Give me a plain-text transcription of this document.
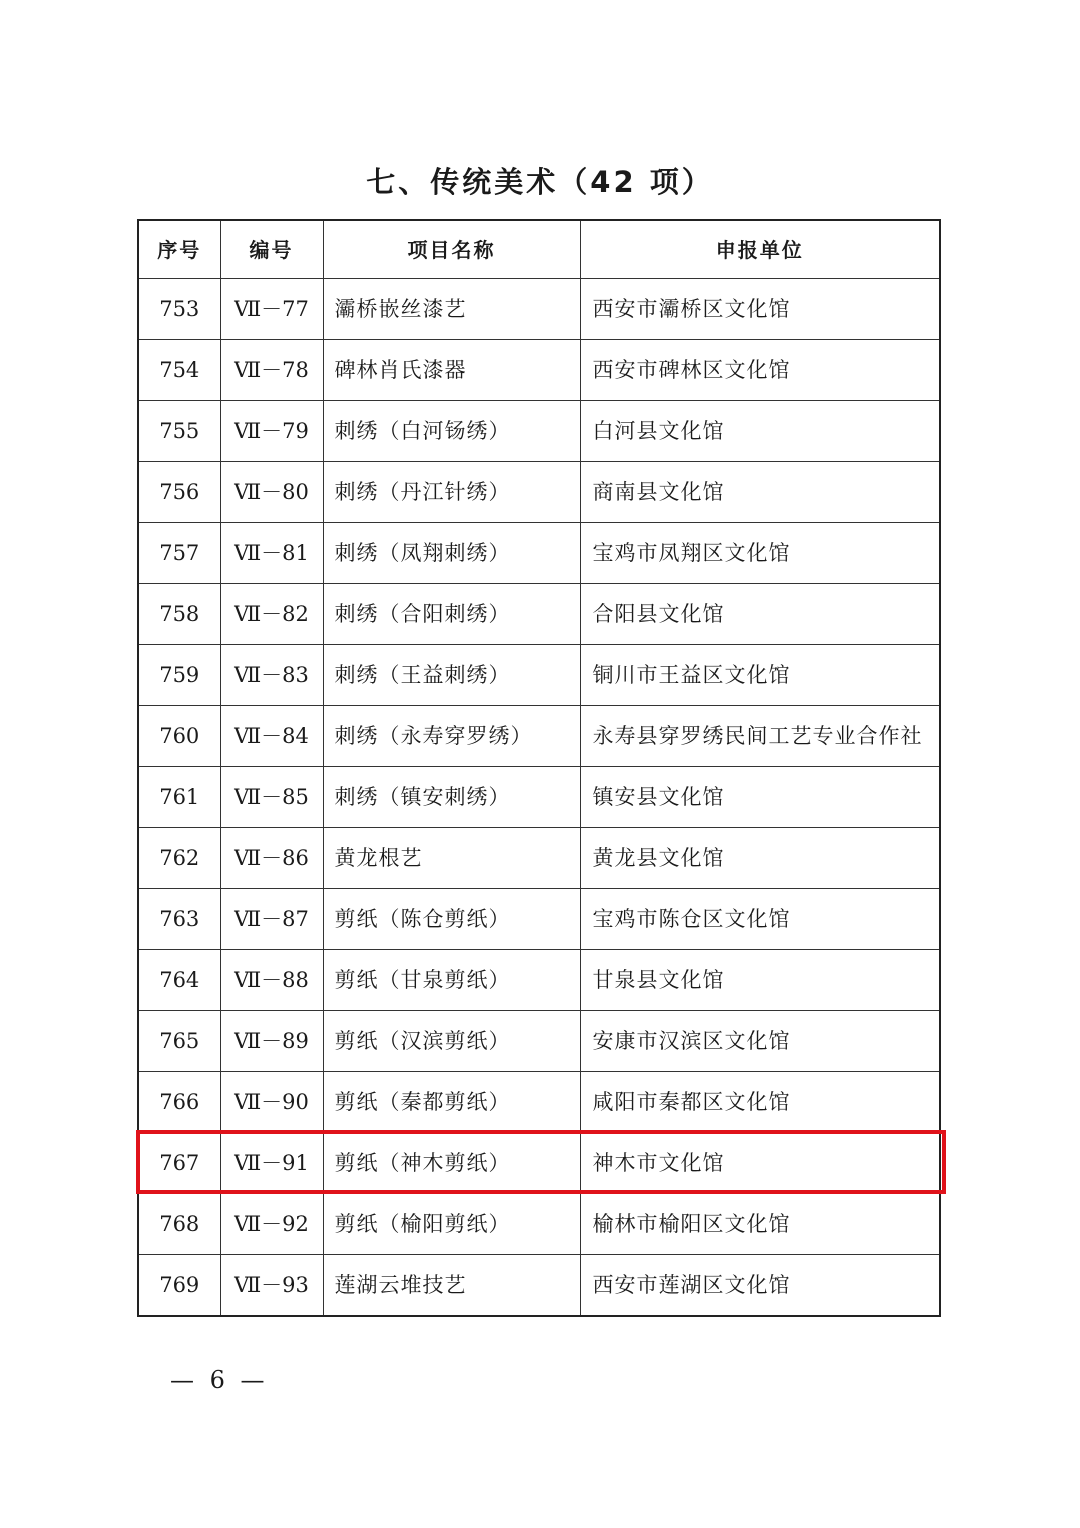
七、传统美术（42 项）
序号	编号	项目名称	申报单位
753	Ⅶ－77	灞桥嵌丝漆艺	西安市灞桥区文化馆
754	Ⅶ－78	碑林肖氏漆器	西安市碑林区文化馆
755	Ⅶ－79	刺绣（白河钖绣）	白河县文化馆
756	Ⅶ－80	刺绣（丹江针绣）	商南县文化馆
757	Ⅶ－81	刺绣（凤翔刺绣）	宝鸡市凤翔区文化馆
758	Ⅶ－82	刺绣（合阳刺绣）	合阳县文化馆
759	Ⅶ－83	刺绣（王益刺绣）	铜川市王益区文化馆
760	Ⅶ－84	刺绣（永寿穿罗绣）	永寿县穿罗绣民间工艺专业合作社
761	Ⅶ－85	刺绣（镇安刺绣）	镇安县文化馆
762	Ⅶ－86	黄龙根艺	黄龙县文化馆
763	Ⅶ－87	剪纸（陈仓剪纸）	宝鸡市陈仓区文化馆
764	Ⅶ－88	剪纸（甘泉剪纸）	甘泉县文化馆
765	Ⅶ－89	剪纸（汉滨剪纸）	安康市汉滨区文化馆
766	Ⅶ－90	剪纸（秦都剪纸）	咸阳市秦都区文化馆
767	Ⅶ－91	剪纸（神木剪纸）	神木市文化馆
768	Ⅶ－92	剪纸（榆阳剪纸）	榆林市榆阳区文化馆
769	Ⅶ－93	莲湖云堆技艺	西安市莲湖区文化馆
— 6 —
